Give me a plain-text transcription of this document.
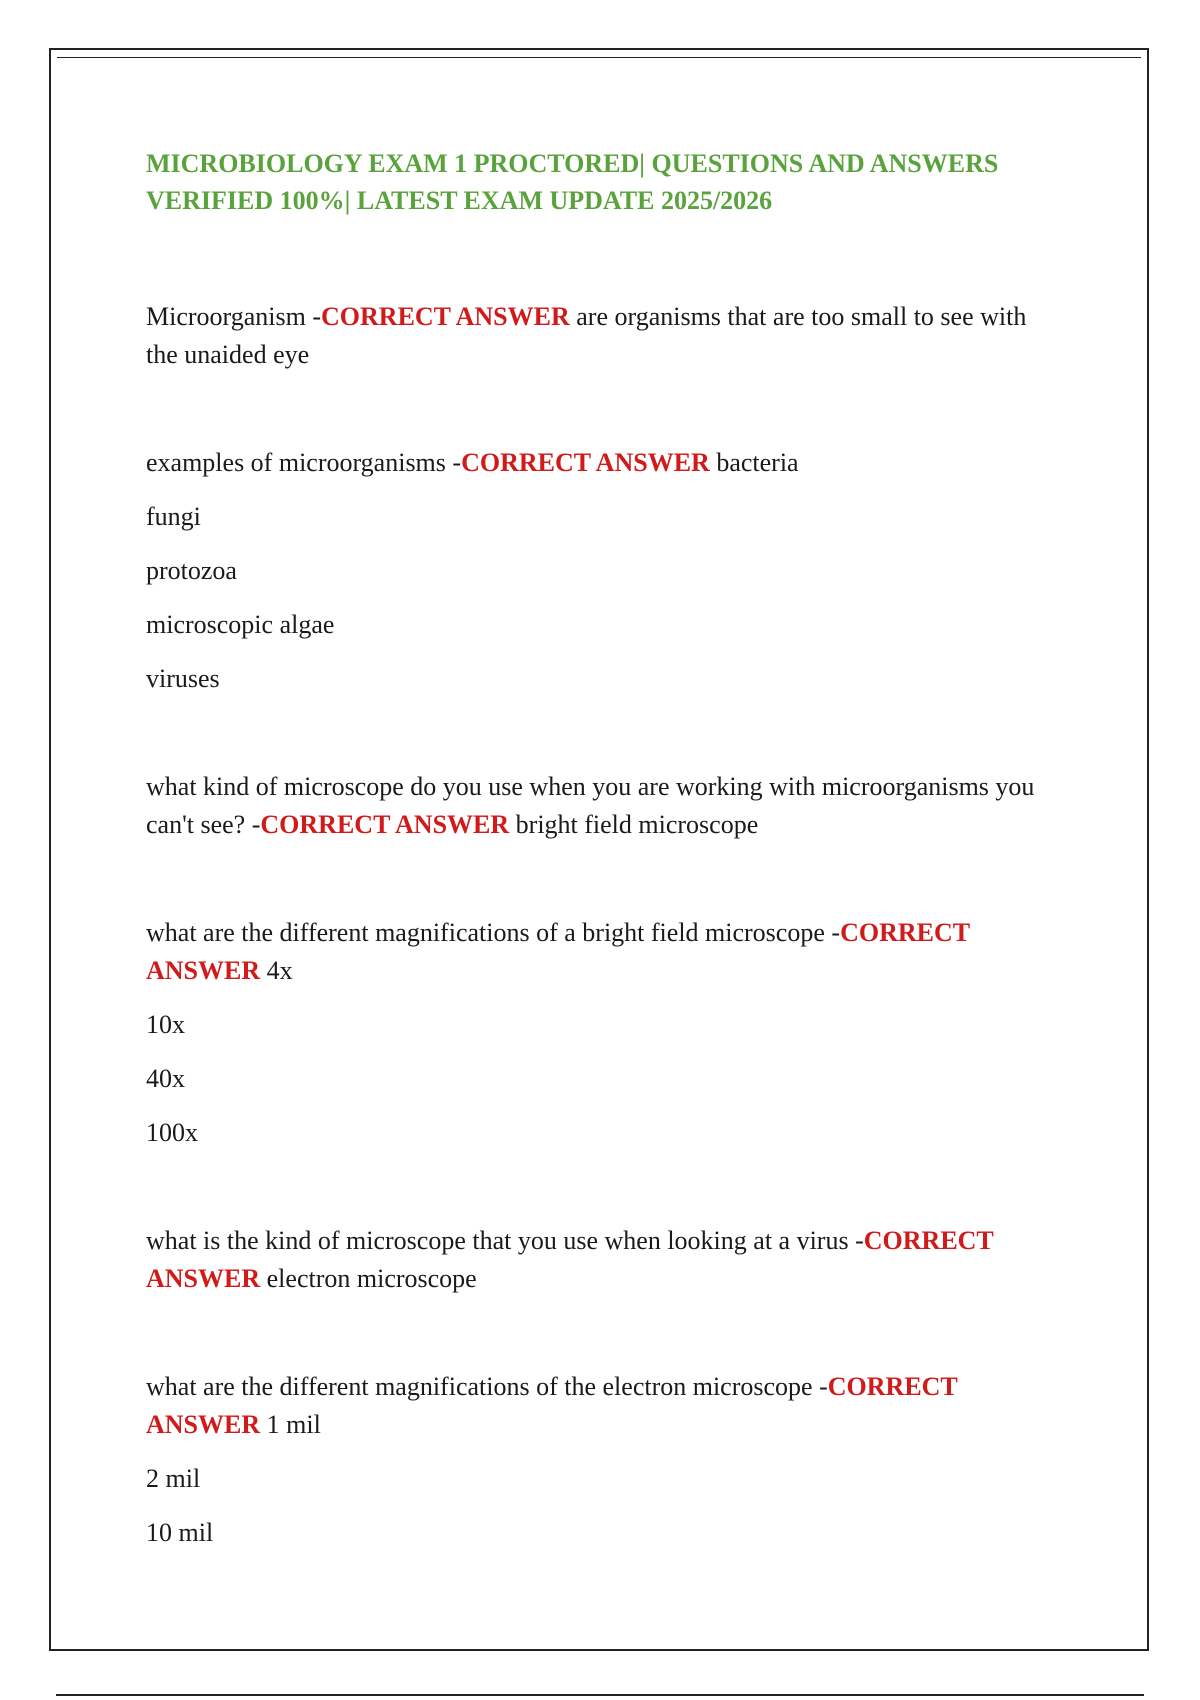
MICROBIOLOGY EXAM 1 PROCTORED| QUESTIONS AND ANSWERS VERIFIED 100%| LATEST EXAM UPDATE 2025/2026

Microorganism -CORRECT ANSWER are organisms that are too small to see with the unaided eye

examples of microorganisms -CORRECT ANSWER bacteria

fungi

protozoa

microscopic algae

viruses

what kind of microscope do you use when you are working with microorganisms you can't see? -CORRECT ANSWER bright field microscope

what are the different magnifications of a bright field microscope -CORRECT ANSWER 4x

10x

40x

100x

what is the kind of microscope that you use when looking at a virus -CORRECT ANSWER electron microscope

what are the different magnifications of the electron microscope -CORRECT ANSWER 1 mil

2 mil

10 mil
